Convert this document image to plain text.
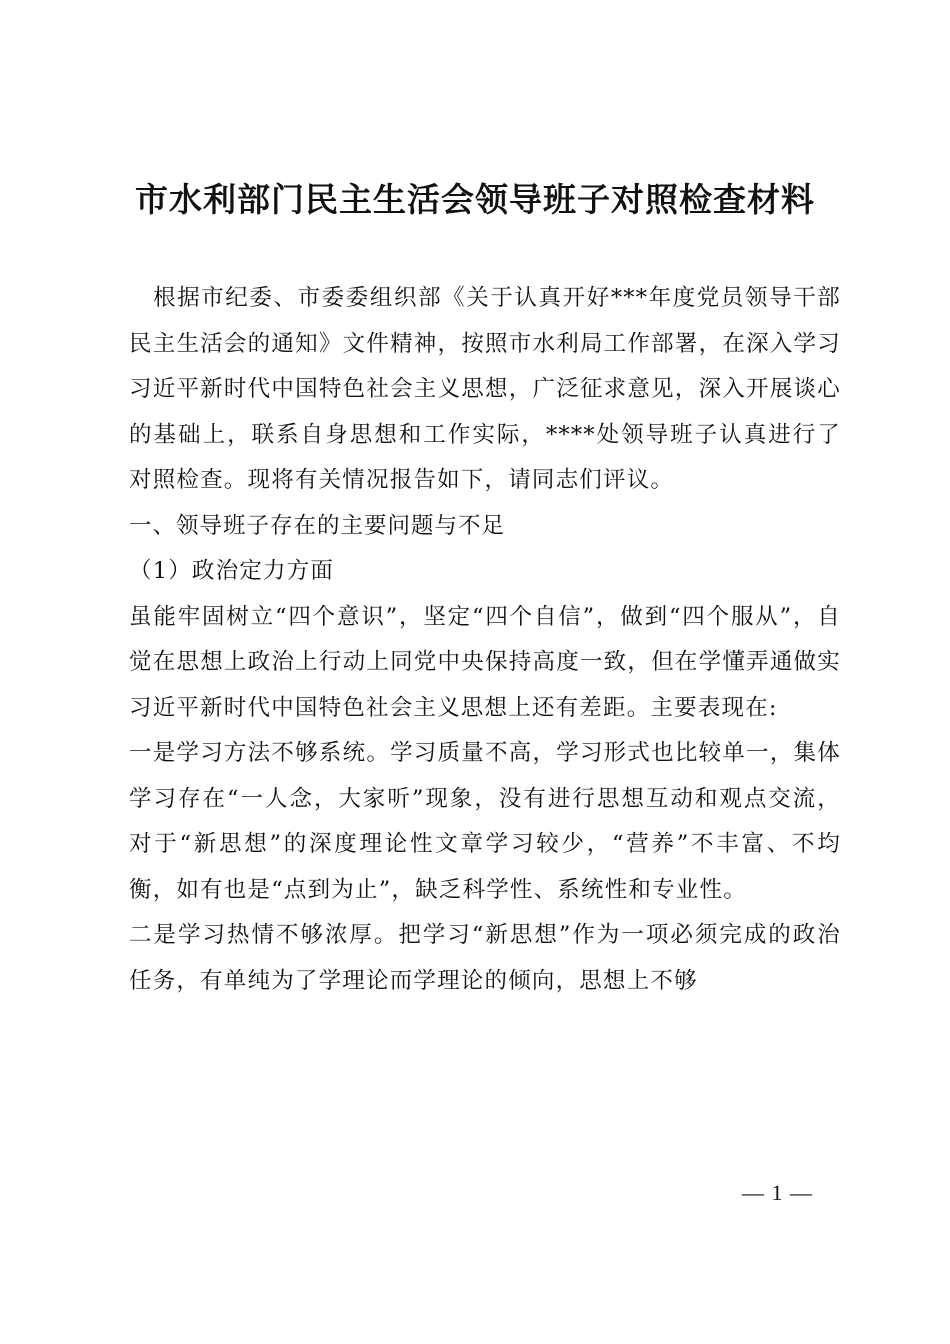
市水利部门民主生活会领导班子对照检查材料

根据市纪委、市委委组织部《关于认真开好***年度党员领导干部民主生活会的通知》文件精神，按照市水利局工作部署，在深入学习习近平新时代中国特色社会主义思想，广泛征求意见，深入开展谈心的基础上，联系自身思想和工作实际，****处领导班子认真进行了对照检查。现将有关情况报告如下，请同志们评议。

一、领导班子存在的主要问题与不足

（1）政治定力方面

虽能牢固树立“四个意识”，坚定“四个自信”，做到“四个服从”，自觉在思想上政治上行动上同党中央保持高度一致，但在学懂弄通做实习近平新时代中国特色社会主义思想上还有差距。主要表现在:

一是学习方法不够系统。学习质量不高，学习形式也比较单一，集体学习存在“一人念，大家听”现象，没有进行思想互动和观点交流，对于“新思想”的深度理论性文章学习较少，“营养”不丰富、不均衡，如有也是“点到为止”，缺乏科学性、系统性和专业性。

二是学习热情不够浓厚。把学习“新思想”作为一项必须完成的政治任务，有单纯为了学理论而学理论的倾向，思想上不够

— 1 —
